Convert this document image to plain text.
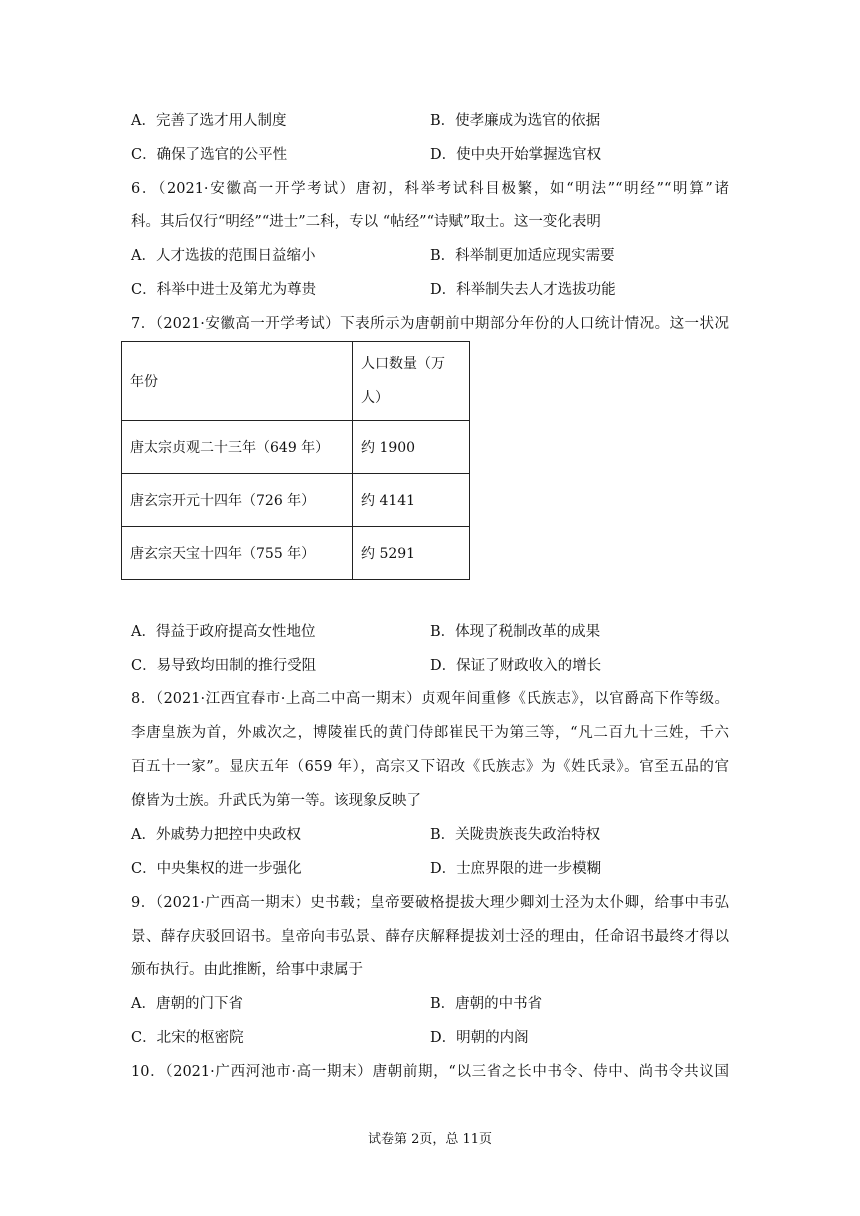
A．完善了选才用人制度	B．使孝廉成为选官的依据
C．确保了选官的公平性	D．使中央开始掌握选官权
6．（2021·安徽高一开学考试）唐初，科举考试科目极繁，如“明法”“明经”“明算”诸
科。其后仅行“明经”“进士”二科，专以 “帖经”“诗赋”取士。这一变化表明
A．人才选拔的范围日益缩小	B．科举制更加适应现实需要
C．科举中进士及第尤为尊贵	D．科举制失去人才选拔功能
7．（2021·安徽高一开学考试）下表所示为唐朝前中期部分年份的人口统计情况。这一状况
年份	人口数量（万
人）

唐太宗贞观二十三年（649 年）	约 1900
唐玄宗开元十四年（726 年）	约 4141
唐玄宗天宝十四年（755 年）	约 5291
A．得益于政府提高女性地位	B．体现了税制改革的成果
C．易导致均田制的推行受阻	D．保证了财政收入的增长
8．（2021·江西宜春市·上高二中高一期末）贞观年间重修《氏族志》，以官爵高下作等级。
李唐皇族为首，外戚次之，博陵崔氏的黄门侍郎崔民干为第三等，“凡二百九十三姓，千六
百五十一家”。显庆五年（659 年），高宗又下诏改《氏族志》为《姓氏录》。官至五品的官
僚皆为士族。升武氏为第一等。该现象反映了
A．外戚势力把控中央政权	B．关陇贵族丧失政治特权
C．中央集权的进一步强化	D．士庶界限的进一步模糊
9．（2021·广西高一期末）史书载；皇帝要破格提拔大理少卿刘士泾为太仆卿，给事中韦弘
景、薛存庆驳回诏书。皇帝向韦弘景、薛存庆解释提拔刘士泾的理由，任命诏书最终才得以
颁布执行。由此推断，给事中隶属于
A．唐朝的门下省	B．唐朝的中书省
C．北宋的枢密院	D．明朝的内阁
10．（2021·广西河池市·高一期末）唐朝前期，“以三省之长中书令、侍中、尚书令共议国
试卷第 2页，总 11页
